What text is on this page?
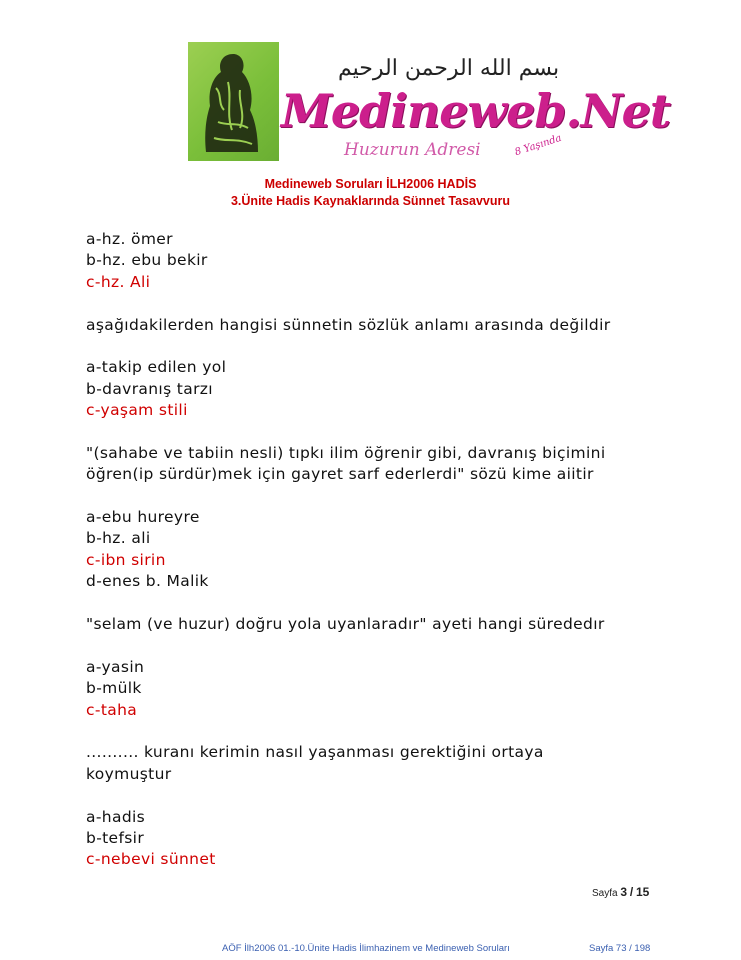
بسم الله الرحمن الرحيم
Medineweb.Net
Huzurun Adresi	8 Yaşında
Medineweb Soruları İLH2006 HADİS
3.Ünite Hadis Kaynaklarında Sünnet Tasavvuru
a-hz. ömer
b-hz. ebu bekir
c-hz. Ali
aşağıdakilerden hangisi sünnetin sözlük anlamı arasında değildir
a-takip edilen yol
b-davranış tarzı
c-yaşam stili
"(sahabe ve tabiin nesli) tıpkı ilim öğrenir gibi, davranış biçimini
öğren(ip sürdür)mek için gayret sarf ederlerdi" sözü kime aiitir
a-ebu hureyre
b-hz. ali
c-ibn sirin
d-enes b. Malik
"selam (ve huzur) doğru yola uyanlaradır" ayeti hangi sürededır
a-yasin
b-mülk
c-taha
.......... kuranı kerimin nasıl yaşanması gerektiğini ortaya
koymuştur
a-hadis
b-tefsir
c-nebevi sünnet
Sayfa 3 / 15
AÖF İlh2006 01.-10.Ünite Hadis İlimhazinem ve Medineweb Soruları	Sayfa 73 / 198
